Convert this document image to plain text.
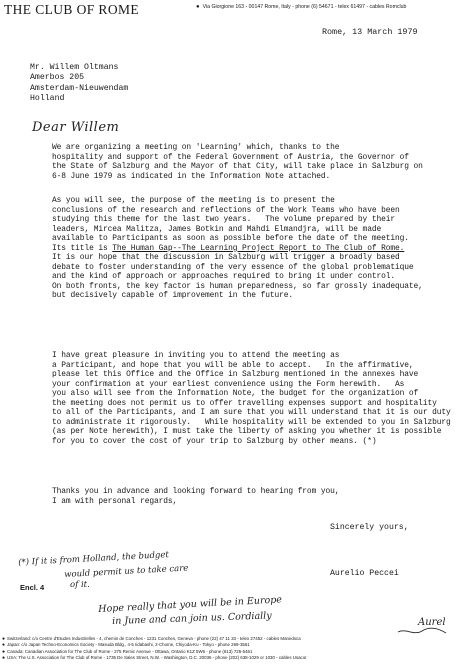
THE CLUB OF ROME	● Via Giorgione 163 - 00147 Rome, Italy - phone (6) 54671 - telex 61497 - cables Romclub
Rome, 13 March 1979
Mr. Willem Oltmans
Amerbos 205
Amsterdam-Nieuwendam
Holland
Dear Willem
We are organizing a meeting on 'Learning' which, thanks to the
hospitality and support of the Federal Government of Austria, the Governor of
the State of Salzburg and the Mayor of that City, will take place in Salzburg on
6-8 June 1979 as indicated in the Information Note attached.
As you will see, the purpose of the meeting is to present the
conclusions of the research and reflections of the Work Teams who have been
studying this theme for the last two years.   The volume prepared by their
leaders, Mircea Malitza, James Botkin and Mahdi Elmandjra, will be made
available to Participants as soon as possible before the date of the meeting.
Its title is The Human Gap--The Learning Project Report to The Club of Rome.
It is our hope that the discussion in Salzburg will trigger a broadly based
debate to foster understanding of the very essence of the global problematique
and the kind of approach or approaches required to bring it under control.
On both fronts, the key factor is human preparedness, so far grossly inadequate,
but decisively capable of improvement in the future.
I have great pleasure in inviting you to attend the meeting as
a Participant, and hope that you will be able to accept.   In the affirmative,
please let this Office and the Office in Salzburg mentioned in the annexes have
your confirmation at your earliest convenience using the Form herewith.   As
you also will see from the Information Note, the budget for the organization of
the meeting does not permit us to offer travelling expenses support and hospitality
to all of the Participants, and I am sure that you will understand that it is our duty
to administrate it rigorously.   While hospitality will be extended to you in Salzburg
(as per Note herewith), I must take the liberty of asking you whether it is possible
for you to cover the cost of your trip to Salzburg by other means. (*)
Thanks you in advance and looking forward to hearing from you,
I am with personal regards,
Sincerely yours,
Aurelio Peccei
Encl. 4
(*) If it is from Holland, the budget
would permit us to take care
of it.
Hope really that you will be in Europe
in June and can join us. Cordially	Aurel
● Switzerland: c/o Centre d'Etudes Industrielles - 4, chemin de Conches - 1231 Conches, Geneva - phone (22) 47 11 33 - telex 27452 - cables Manedsca
● Japan: c/o Japan Techno-Economics Society - Masuda Bldg., 4-5 Iidabashi, 2-Chome, Chiyoda-Ku - Tokyo - phone 269-3561
● Canada: Canadian Association for The Club of Rome - 275 Remic Avenue - Ottawa, Ontario K1Z 5W6 - phone (613) 725-5461
● USA: The U.S. Association for The Club of Rome - 1735 De Sales Street, N.W. - Washington, D.C. 20036 - phone (202) 638-1029 or 1030 - cables Usacor
